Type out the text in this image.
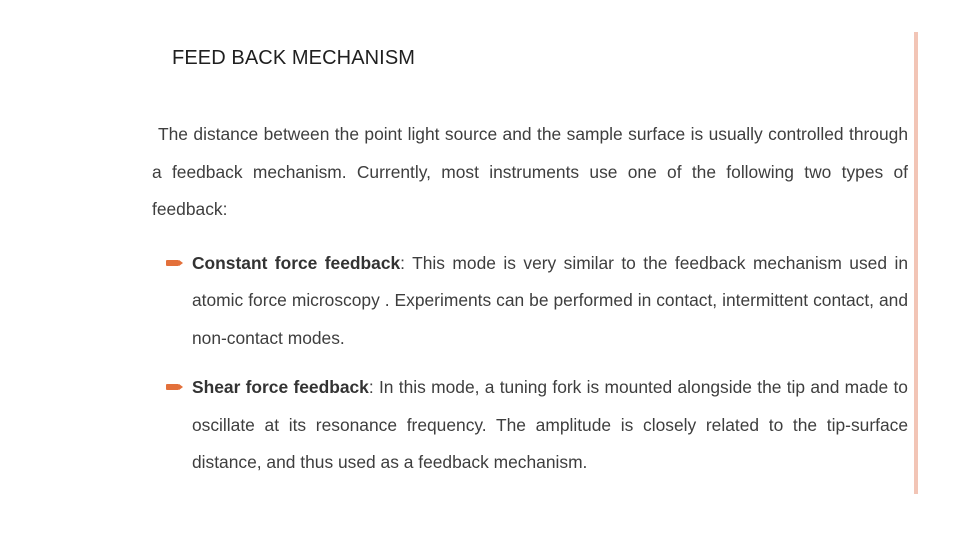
FEED BACK MECHANISM

The distance between the point light source and the sample surface is usually controlled through a feedback mechanism. Currently, most instruments use one of the following two types of feedback:

Constant force feedback: This mode is very similar to the feedback mechanism used in atomic force microscopy . Experiments can be performed in contact, intermittent contact, and non-contact modes.

Shear force feedback: In this mode, a tuning fork is mounted alongside the tip and made to oscillate at its resonance frequency. The amplitude is closely related to the tip-surface distance, and thus used as a feedback mechanism.
